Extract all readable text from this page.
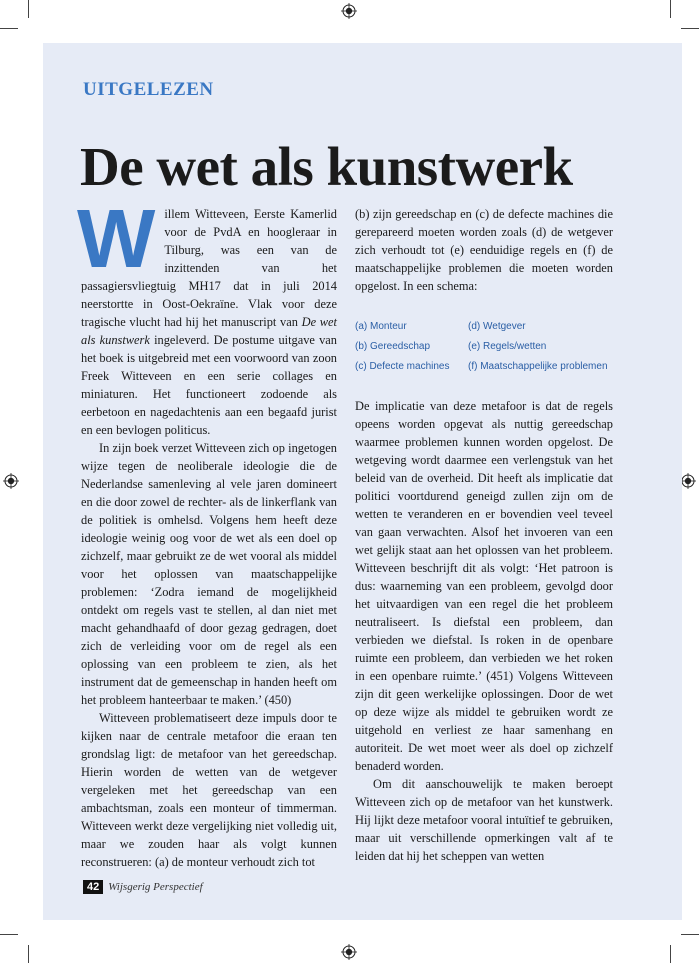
UITGELEZEN
De wet als kunstwerk

Willem Witteveen, Eerste Kamerlid voor de PvdA en hoogleraar in Tilburg, was een van de inzittenden van het passagiersvliegtuig MH17 dat in juli 2014 neerstortte in Oost-Oekraïne. Vlak voor deze tragische vlucht had hij het manuscript van De wet als kunstwerk ingeleverd. De postume uitgave van het boek is uitgebreid met een voorwoord van zoon Freek Witteveen en een serie collages en miniaturen. Het functioneert zodoende als eerbetoon en nagedachtenis aan een begaafd jurist en een bevlogen politicus.

In zijn boek verzet Witteveen zich op ingetogen wijze tegen de neoliberale ideologie die de Nederlandse samenleving al vele jaren domineert en die door zowel de rechter- als de linkerflank van de politiek is omhelsd. Volgens hem heeft deze ideologie weinig oog voor de wet als een doel op zichzelf, maar gebruikt ze de wet vooral als middel voor het oplossen van maatschappelijke problemen: ‘Zodra iemand de mogelijkheid ontdekt om regels vast te stellen, al dan niet met macht gehandhaafd of door gezag gedragen, doet zich de verleiding voor om de regel als een oplossing van een probleem te zien, als het instrument dat de gemeenschap in handen heeft om het probleem hanteerbaar te maken.’ (450)

Witteveen problematiseert deze impuls door te kijken naar de centrale metafoor die eraan ten grondslag ligt: de metafoor van het gereedschap. Hierin worden de wetten van de wetgever vergeleken met het gereedschap van een ambachtsman, zoals een monteur of timmerman. Witteveen werkt deze vergelijking niet volledig uit, maar we zouden haar als volgt kunnen reconstrueren: (a) de monteur verhoudt zich tot

(b) zijn gereedschap en (c) de defecte machines die gerepareerd moeten worden zoals (d) de wetgever zich verhoudt tot (e) eenduidige regels en (f) de maatschappelijke problemen die moeten worden opgelost. In een schema:

(a) Monteur	(d) Wetgever
(b) Gereedschap	(e) Regels/wetten
(c) Defecte machines	(f) Maatschappelijke problemen

De implicatie van deze metafoor is dat de regels opeens worden opgevat als nuttig gereedschap waarmee problemen kunnen worden opgelost. De wetgeving wordt daarmee een verlengstuk van het beleid van de overheid. Dit heeft als implicatie dat politici voortdurend geneigd zullen zijn om de wetten te veranderen en er bovendien veel teveel van gaan verwachten. Alsof het invoeren van een wet gelijk staat aan het oplossen van het probleem. Witteveen beschrijft dit als volgt: ‘Het patroon is dus: waarneming van een probleem, gevolgd door het uitvaardigen van een regel die het probleem neutraliseert. Is diefstal een probleem, dan verbieden we diefstal. Is roken in de openbare ruimte een probleem, dan verbieden we het roken in een openbare ruimte.’ (451) Volgens Witteveen zijn dit geen werkelijke oplossingen. Door de wet op deze wijze als middel te gebruiken wordt ze uitgehold en verliest ze haar samenhang en autoriteit. De wet moet weer als doel op zichzelf benaderd worden.

Om dit aanschouwelijk te maken beroept Witteveen zich op de metafoor van het kunstwerk. Hij lijkt deze metafoor vooral intuïtief te gebruiken, maar uit verschillende opmerkingen valt af te leiden dat hij het scheppen van wetten

42 Wijsgerig Perspectief
